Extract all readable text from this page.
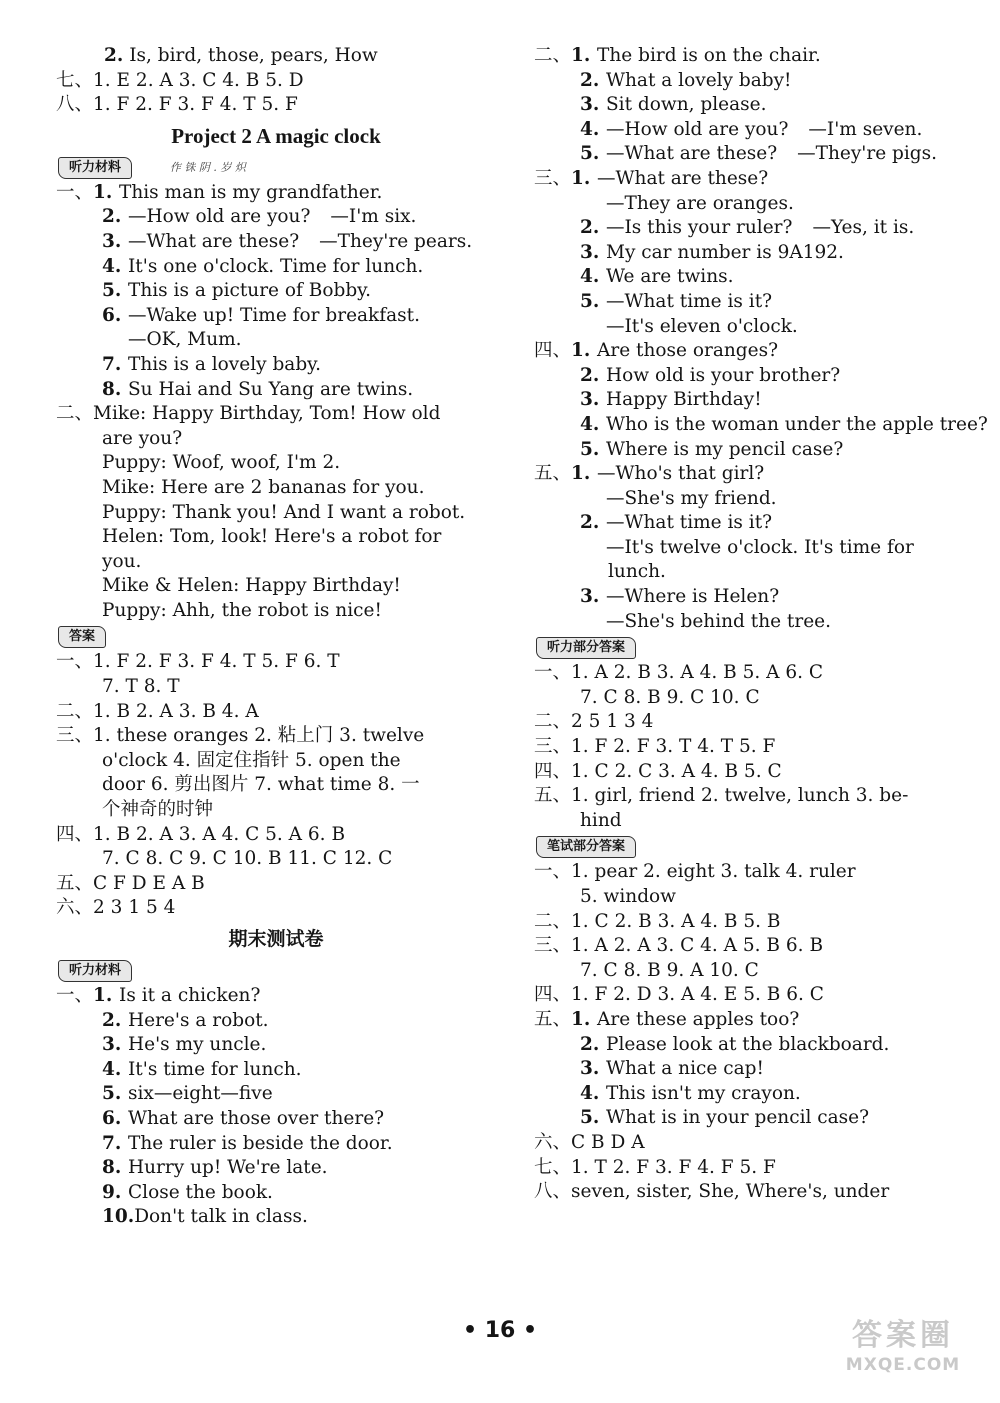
2. Is, bird, those, pears, How
七、1. E 2. A 3. C 4. B 5. D
八、1. F 2. F 3. F 4. T 5. F
Project 2 A magic clock
听力材料	作 铢 阴 . 岁 炽
一、1. This man is my grandfather.
2. —How old are you? —I'm six.
3. —What are these? —They're pears.
4. It's one o'clock. Time for lunch.
5. This is a picture of Bobby.
6. —Wake up! Time for breakfast.
—OK, Mum.
7. This is a lovely baby.
8. Su Hai and Su Yang are twins.
二、Mike: Happy Birthday, Tom! How old
are you?
Puppy: Woof, woof, I'm 2.
Mike: Here are 2 bananas for you.
Puppy: Thank you! And I want a robot.
Helen: Tom, look! Here's a robot for
you.
Mike & Helen: Happy Birthday!
Puppy: Ahh, the robot is nice!
答案
一、1. F 2. F 3. F 4. T 5. F 6. T
7. T 8. T
二、1. B 2. A 3. B 4. A
三、1. these oranges 2. 粘上门 3. twelve
o'clock 4. 固定住指针 5. open the
door 6. 剪出图片 7. what time 8. 一
个神奇的时钟
四、1. B 2. A 3. A 4. C 5. A 6. B
7. C 8. C 9. C 10. B 11. C 12. C
五、C F D E A B
六、2 3 1 5 4
期末测试卷
听力材料
一、1. Is it a chicken?
2. Here's a robot.
3. He's my uncle.
4. It's time for lunch.
5. six—eight—five
6. What are those over there?
7. The ruler is beside the door.
8. Hurry up! We're late.
9. Close the book.
10.Don't talk in class.
二、1. The bird is on the chair.
2. What a lovely baby!
3. Sit down, please.
4. —How old are you? —I'm seven.
5. —What are these? —They're pigs.
三、1. —What are these?
—They are oranges.
2. —Is this your ruler? —Yes, it is.
3. My car number is 9A192.
4. We are twins.
5. —What time is it?
—It's eleven o'clock.
四、1. Are those oranges?
2. How old is your brother?
3. Happy Birthday!
4. Who is the woman under the apple tree?
5. Where is my pencil case?
五、1. —Who's that girl?
—She's my friend.
2. —What time is it?
—It's twelve o'clock. It's time for
lunch.
3. —Where is Helen?
—She's behind the tree.
听力部分答案
一、1. A 2. B 3. A 4. B 5. A 6. C
7. C 8. B 9. C 10. C
二、2 5 1 3 4
三、1. F 2. F 3. T 4. T 5. F
四、1. C 2. C 3. A 4. B 5. C
五、1. girl, friend 2. twelve, lunch 3. be-
hind
笔试部分答案
一、1. pear 2. eight 3. talk 4. ruler
5. window
二、1. C 2. B 3. A 4. B 5. B
三、1. A 2. A 3. C 4. A 5. B 6. B
7. C 8. B 9. A 10. C
四、1. F 2. D 3. A 4. E 5. B 6. C
五、1. Are these apples too?
2. Please look at the blackboard.
3. What a nice cap!
4. This isn't my crayon.
5. What is in your pencil case?
六、C B D A
七、1. T 2. F 3. F 4. F 5. F
八、seven, sister, She, Where's, under
• 16 •	答案圈
MXQE.COM
